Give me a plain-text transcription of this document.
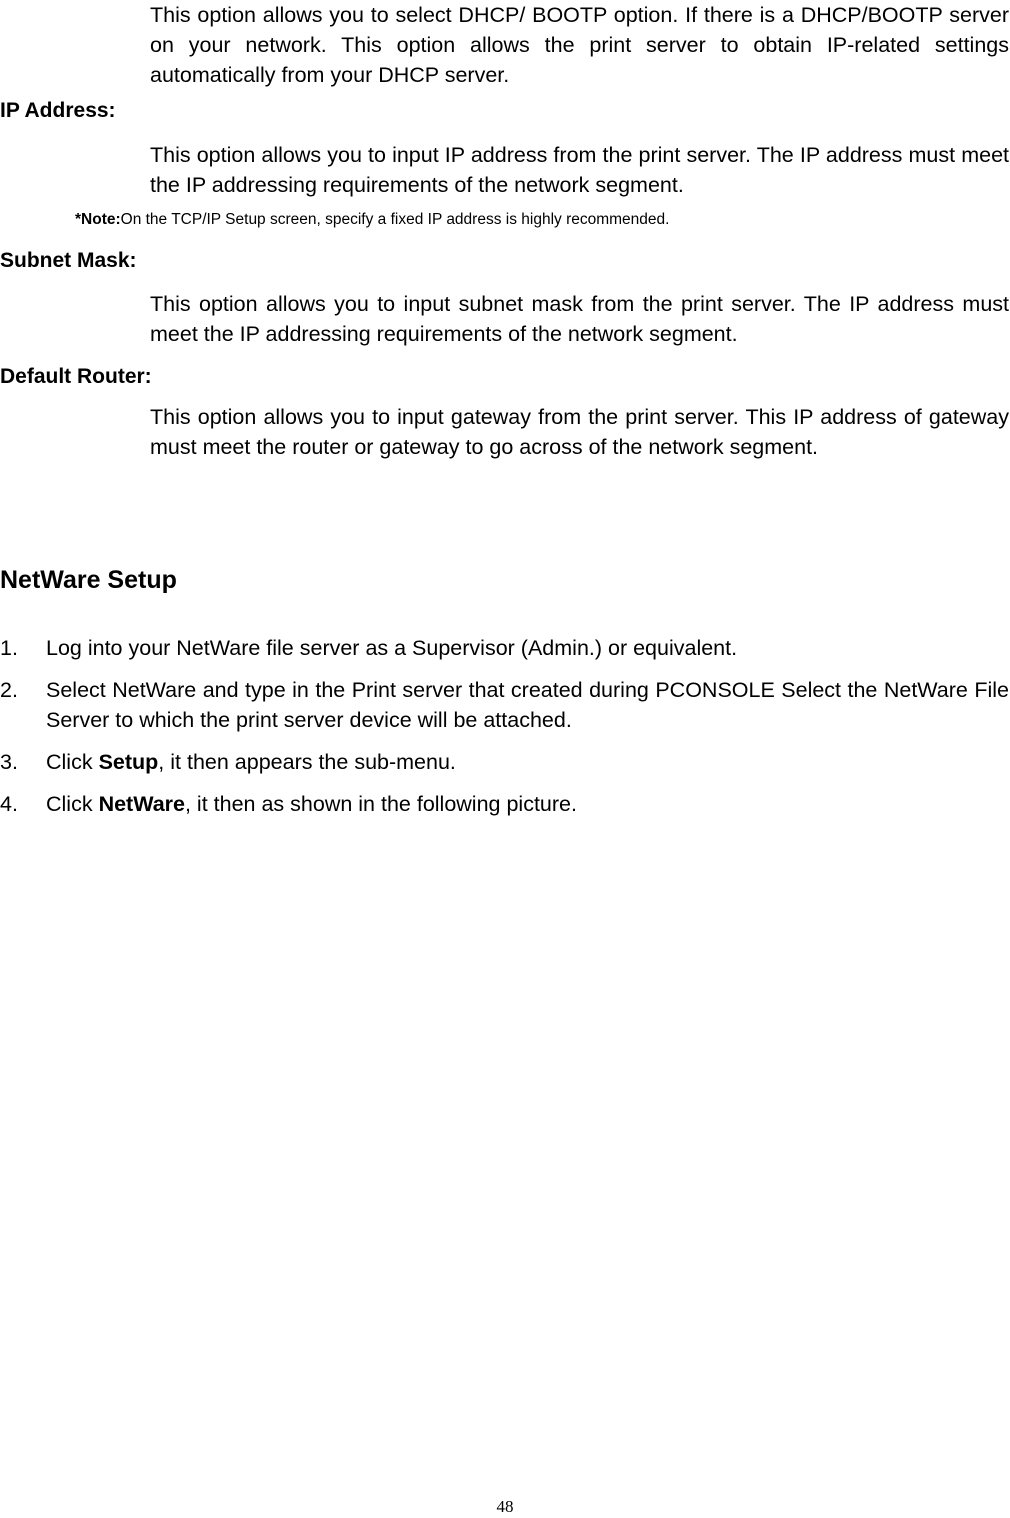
This option allows you to select DHCP/ BOOTP option. If there is a DHCP/BOOTP server on your network. This option allows the print server to obtain IP-related settings automatically from your DHCP server.

IP Address:

This option allows you to input IP address from the print server. The IP address must meet the IP addressing requirements of the network segment.

*Note:On the TCP/IP Setup screen, specify a fixed IP address is highly recommended.

Subnet Mask:

This option allows you to input subnet mask from the print server. The IP address must meet the IP addressing requirements of the network segment.

Default Router:

This option allows you to input gateway from the print server. This IP address of gateway must meet the router or gateway to go across of the network segment.

NetWare Setup
1.	Log into your NetWare file server as a Supervisor (Admin.) or equivalent.
2.	Select NetWare and type in the Print server that created during PCONSOLE Select the NetWare File Server to which the print server device will be attached.
3.	Click Setup, it then appears the sub-menu.
4.	Click NetWare, it then as shown in the following picture.
48
